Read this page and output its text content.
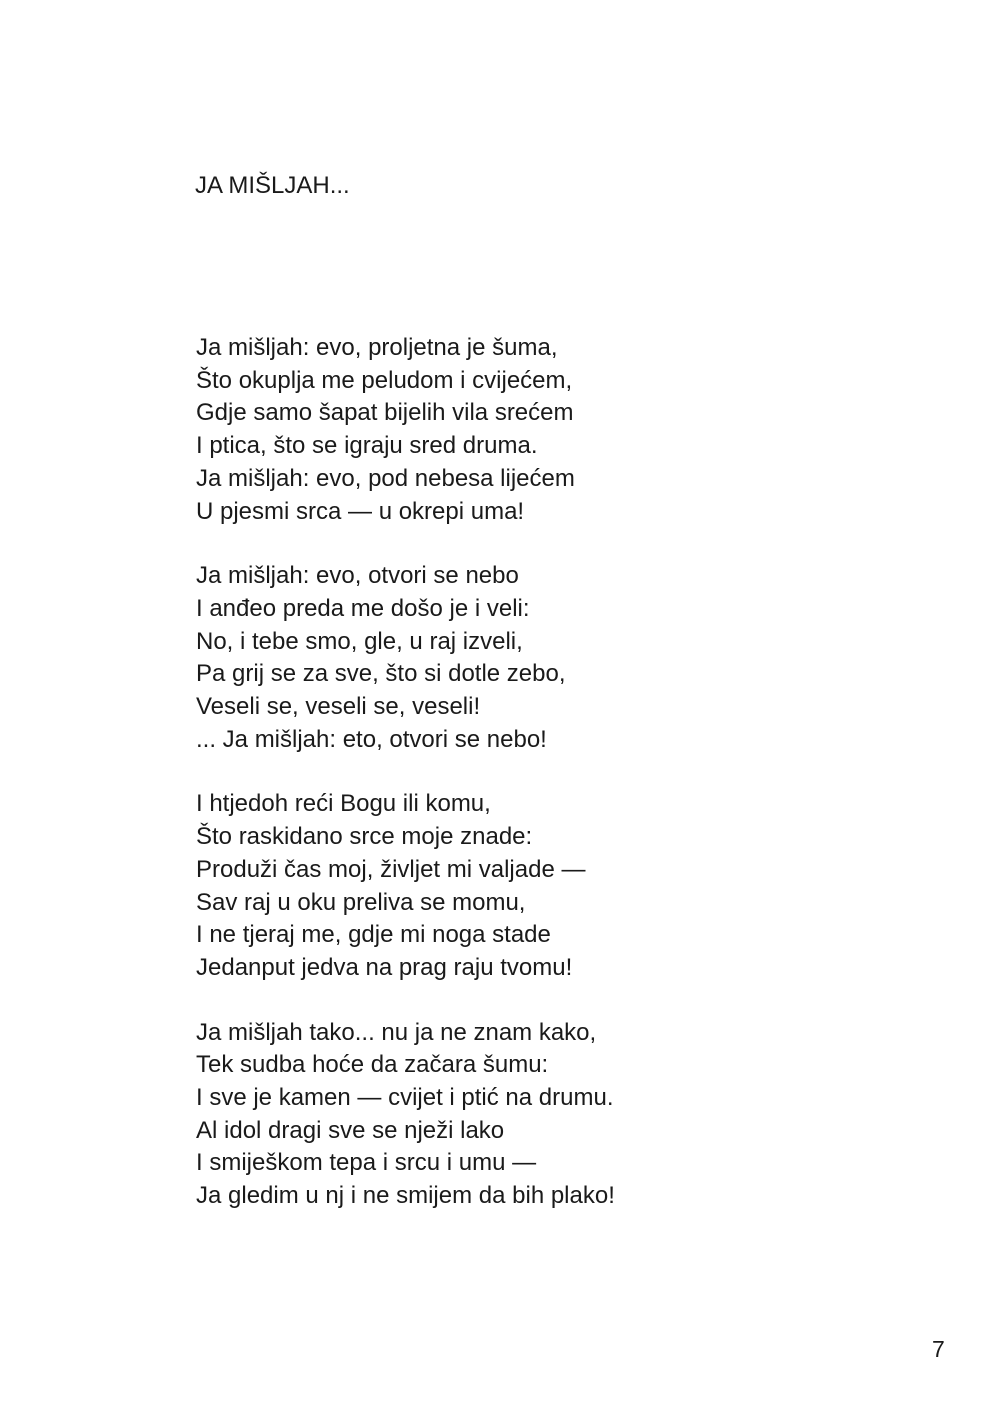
JA MIŠLJAH...
Ja mišljah: evo, proljetna je šuma,
Što okuplja me peludom i cvijećem,
Gdje samo šapat bijelih vila srećem
I ptica, što se igraju sred druma.
Ja mišljah: evo, pod nebesa lijećem
U pjesmi srca — u okrepi uma!
Ja mišljah: evo, otvori se nebo
I anđeo preda me došo je i veli:
No, i tebe smo, gle, u raj izveli,
Pa grij se za sve, što si dotle zebo,
Veseli se, veseli se, veseli!
... Ja mišljah: eto, otvori se nebo!
I htjedoh reći Bogu ili komu,
Što raskidano srce moje znade:
Produži čas moj, življet mi valjade —
Sav raj u oku preliva se momu,
I ne tjeraj me, gdje mi noga stade
Jedanput jedva na prag raju tvomu!
Ja mišljah tako... nu ja ne znam kako,
Tek sudba hoće da začara šumu:
I sve je kamen — cvijet i ptić na drumu.
Al idol dragi sve se nježi lako
I smiješkom tepa i srcu i umu —
Ja gledim u nj i ne smijem da bih plako!
7
